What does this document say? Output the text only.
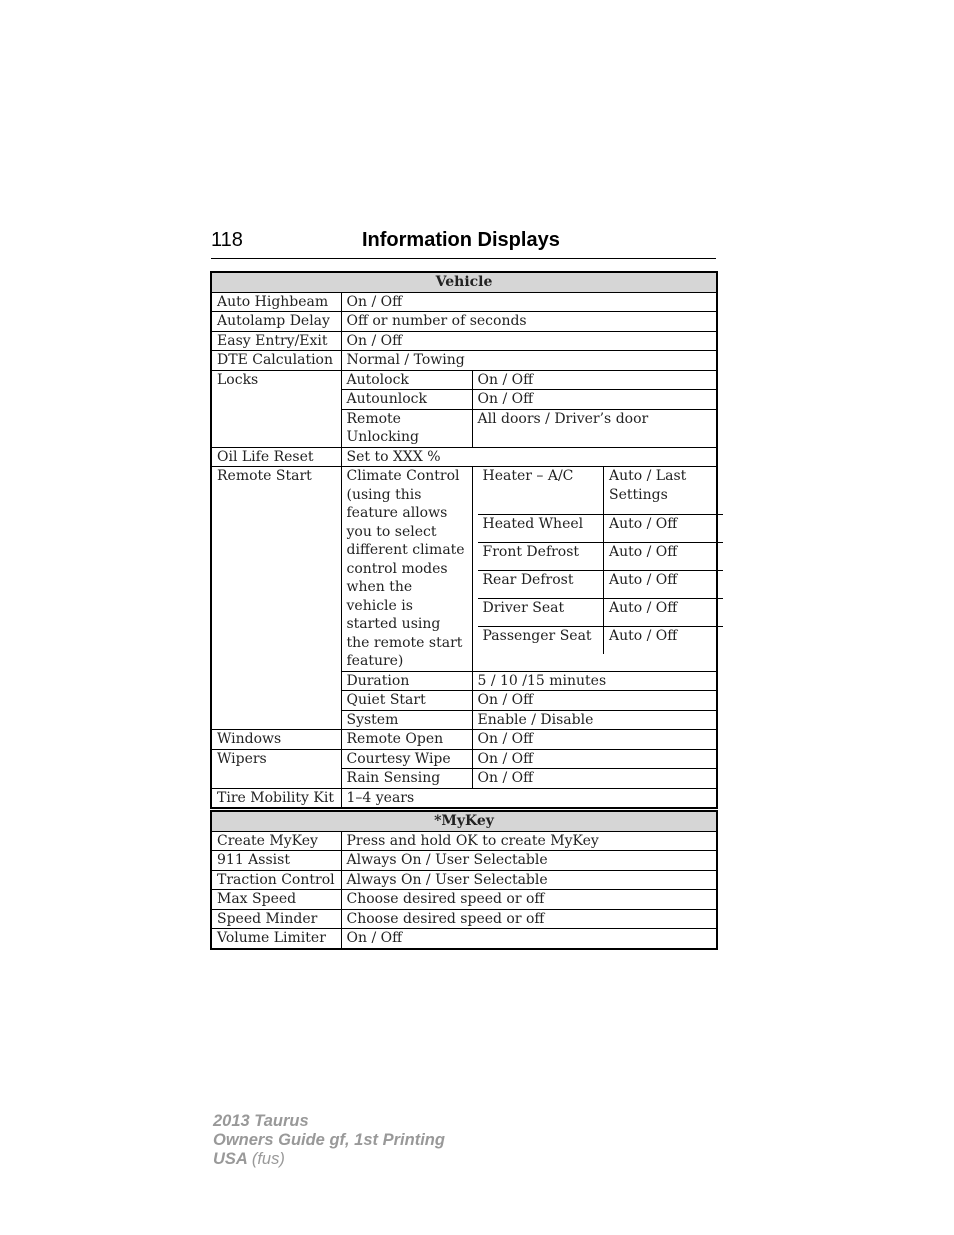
118	Information Displays
Vehicle
Auto Highbeam	On / Off
Autolamp Delay	Off or number of seconds
Easy Entry/Exit	On / Off
DTE Calculation	Normal / Towing
Locks	Autolock	On / Off
Autounlock	On / Off
Remote Unlocking	All doors / Driver’s door
Oil Life Reset	Set to XXX %
Remote Start	Climate Control (using this feature allows you to select different climate control modes when the vehicle is started using the remote start feature)	
Heater – A/C	Auto / Last Settings
Heated Wheel	Auto / Off
Front Defrost	Auto / Off
Rear Defrost	Auto / Off
Driver Seat	Auto / Off
Passenger Seat	Auto / Off

Duration	5 / 10 /15 minutes
Quiet Start	On / Off
System	Enable / Disable
Windows	Remote Open	On / Off
Wipers	Courtesy Wipe	On / Off
Rain Sensing	On / Off
Tire Mobility Kit	1–4 years
*MyKey	
Create MyKey	Press and hold OK to create MyKey
911 Assist	Always On / User Selectable
Traction Control	Always On / User Selectable
Max Speed	Choose desired speed or off
Speed Minder	Choose desired speed or off
Volume Limiter	On / Off
2013 Taurus
Owners Guide gf, 1st Printing
USA (fus)
